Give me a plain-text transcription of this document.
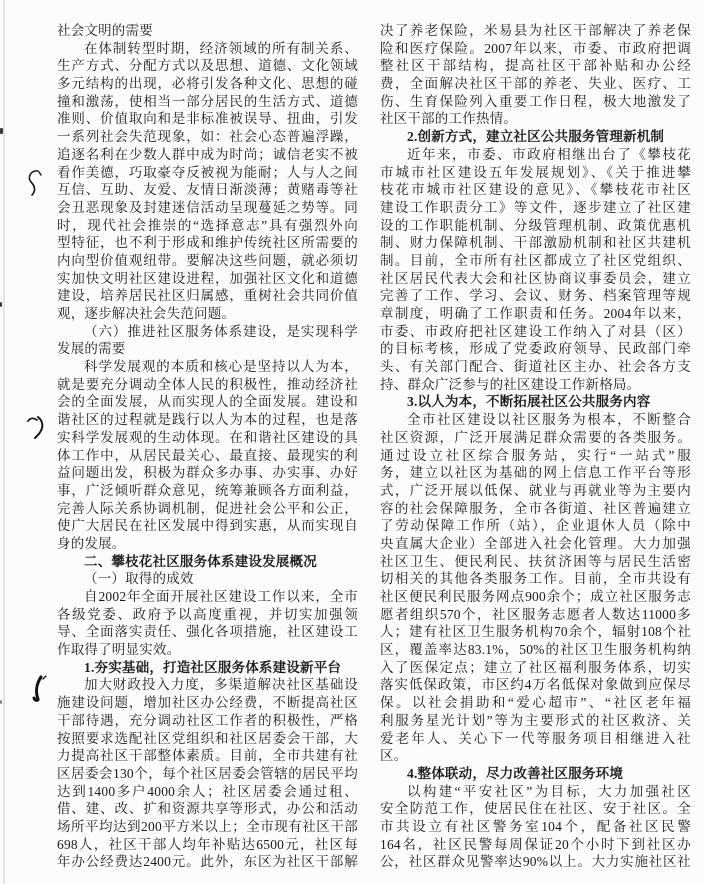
社会文明的需要
在体制转型时期，经济领域的所有制关系、
生产方式、分配方式以及思想、道德、文化领域
多元结构的出现，必将引发各种文化、思想的碰
撞和激荡，使相当一部分居民的生活方式、道德
准则、价值取向和是非标准被误导、扭曲，引发
一系列社会失范现象，如：社会心态普遍浮躁，
追逐名利在少数人群中成为时尚；诚信老实不被
看作美德，巧取豪夺反被视为能耐；人与人之间
互信、互助、友爱、友情日渐淡薄；黄赌毒等社
会丑恶现象及封建迷信活动呈现蔓延之势等。同
时，现代社会推崇的“选择意志”具有强烈外向
型特征，也不利于形成和维护传统社区所需要的
内向型价值观纽带。要解决这些问题，就必须切
实加快文明社区建设进程，加强社区文化和道德
建设，培养居民社区归属感，重树社会共同价值
观，逐步解决社会失范问题。
（六）推进社区服务体系建设，是实现科学
发展的需要
科学发展观的本质和核心是坚持以人为本，
就是要充分调动全体人民的积极性，推动经济社
会的全面发展，从而实现人的全面发展。建设和
谐社区的过程就是践行以人为本的过程，也是落
实科学发展观的生动体现。在和谐社区建设的具
体工作中，从居民最关心、最直接、最现实的利
益问题出发，积极为群众多办事、办实事、办好
事，广泛倾听群众意见，统筹兼顾各方面利益，
完善人际关系协调机制，促进社会公平和公正，
使广大居民在社区发展中得到实惠，从而实现自
身的发展。
二、攀枝花社区服务体系建设发展概况
（一）取得的成效
自2002年全面开展社区建设工作以来，全市
各级党委、政府予以高度重视，并切实加强领
导、全面落实责任、强化各项措施，社区建设工
作取得了明显实效。
1.夯实基础，打造社区服务体系建设新平台
加大财政投入力度，多渠道解决社区基础设
施建设问题，增加社区办公经费，不断提高社区
干部待遇，充分调动社区工作者的积极性，严格
按照要求选配社区党组织和社区居委会干部，大
力提高社区干部整体素质。目前，全市共建有社
区居委会130个，每个社区居委会管辖的居民平均
达到1400多户4000余人；社区居委会通过租、
借、建、改、扩和资源共享等形式，办公和活动
场所平均达到200平方米以上；全市现有社区干部
698人，社区干部人均年补贴达6500元，社区每
年办公经费达2400元。此外，东区为社区干部解
决了养老保险，米易县为社区干部解决了养老保
险和医疗保险。2007年以来，市委、市政府把调
整社区干部结构，提高社区干部补贴和办公经
费，全面解决社区干部的养老、失业、医疗、工
伤、生育保险列入重要工作日程，极大地激发了
社区干部的工作热情。
2.创新方式，建立社区公共服务管理新机制
近年来，市委、市政府相继出台了《攀枝花
市城市社区建设五年发展规划》、《关于推进攀
枝花市城市社区建设的意见》、《攀枝花市社区
建设工作职责分工》等文件，逐步建立了社区建
设的工作职能机制、分级管理机制、政策优惠机
制、财力保障机制、干部激励机制和社区共建机
制。目前，全市所有社区都成立了社区党组织、
社区居民代表大会和社区协商议事委员会，建立
完善了工作、学习、会议、财务、档案管理等规
章制度，明确了工作职责和任务。2004年以来，
市委、市政府把社区建设工作纳入了对县（区）
的目标考核，形成了党委政府领导、民政部门牵
头、有关部门配合、街道社区主办、社会各方支
持、群众广泛参与的社区建设工作新格局。
3.以人为本，不断拓展社区公共服务内容
全市社区建设以社区服务为根本，不断整合
社区资源，广泛开展满足群众需要的各类服务。
通过设立社区综合服务站，实行“一站式”服
务，建立以社区为基础的网上信息工作平台等形
式，广泛开展以低保、就业与再就业等为主要内
容的社会保障服务，全市各街道、社区普遍建立
了劳动保障工作所（站），企业退休人员（除中
央直属大企业）全部进入社会化管理。大力加强
社区卫生、便民利民、扶贫济困等与居民生活密
切相关的其他各类服务工作。目前，全市共设有
社区便民利民服务网点900余个；成立社区服务志
愿者组织570个，社区服务志愿者人数达11000多
人；建有社区卫生服务机构70余个，辐射108个社
区，覆盖率达83.1%，50%的社区卫生服务机构纳
入了医保定点；建立了社区福利服务体系，切实
落实低保政策，市区约4万名低保对象做到应保尽
保。以社会捐助和“爱心超市”、“社区老年福
利服务星光计划”等为主要形式的社区救济、关
爱老年人、关心下一代等服务项目相继进入社
区。
4.整体联动，尽力改善社区服务环境
以构建“平安社区”为目标，大力加强社区
安全防范工作，使居民住在社区、安于社区。全
市共设立有社区警务室104个，配备社区民警
164名，社区民警每周保证20个小时下到社区办
公，社区群众见警率达90%以上。大力实施社区社
